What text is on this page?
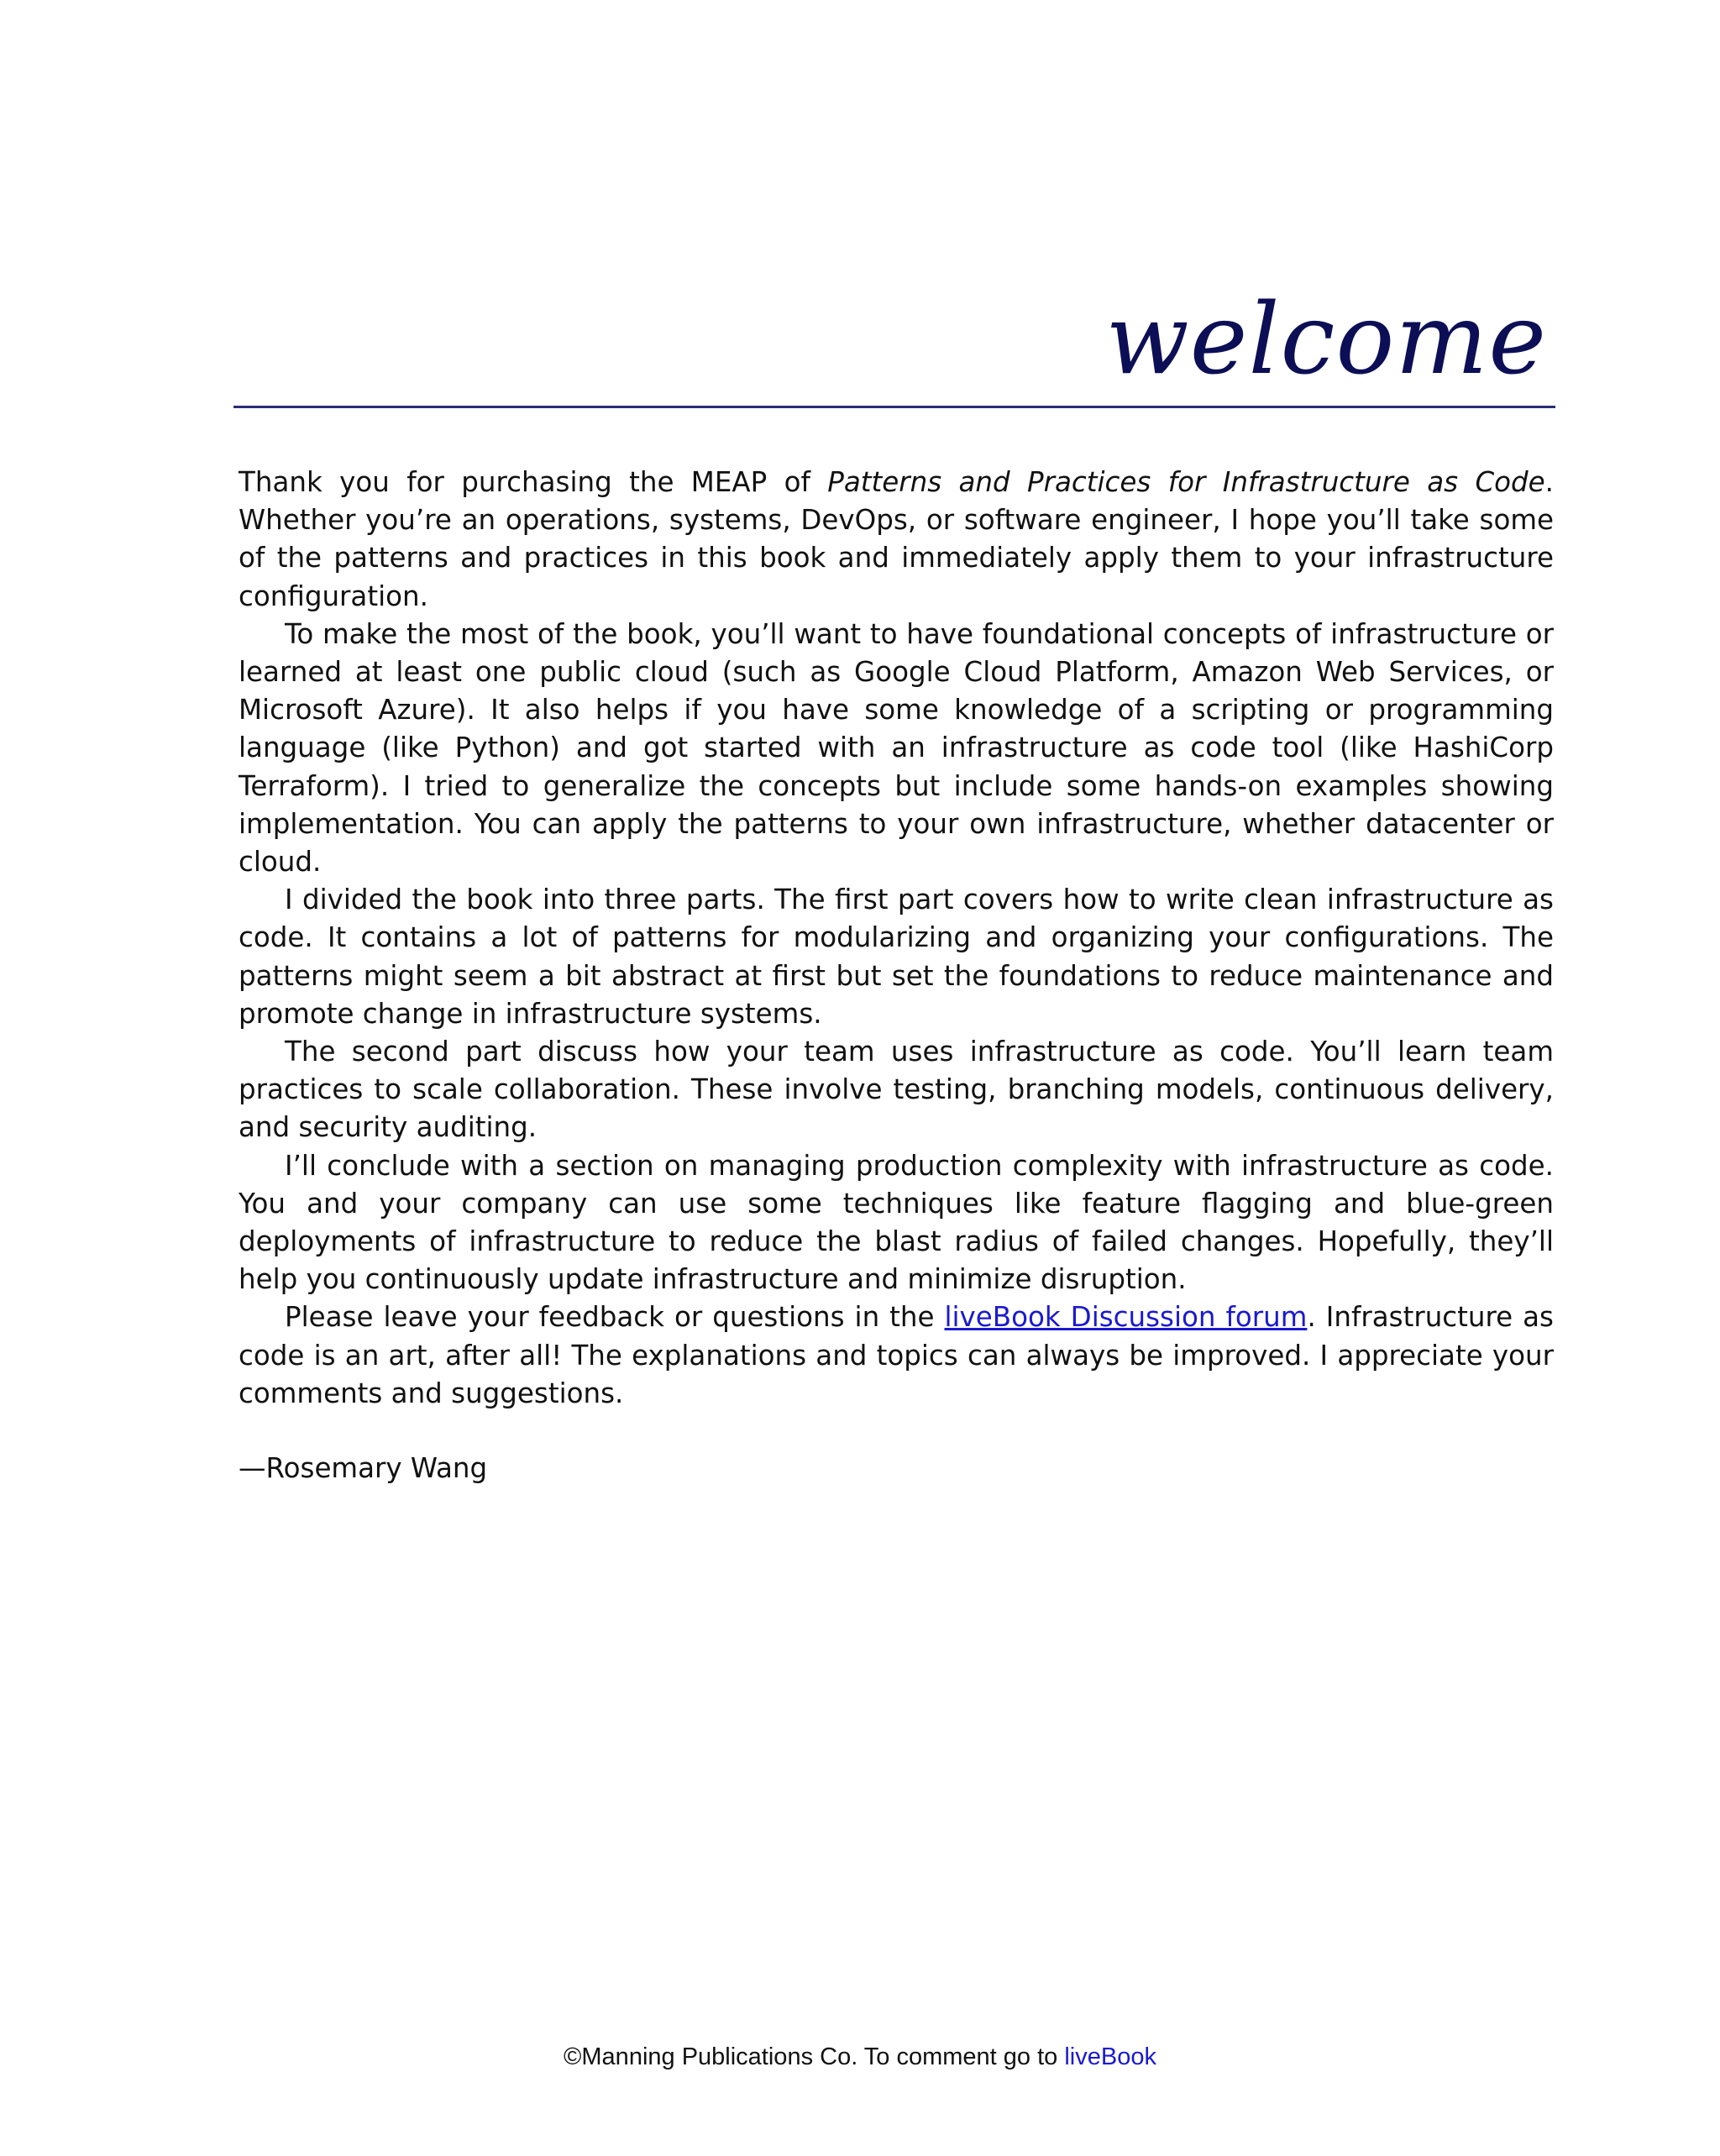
welcome

Thank you for purchasing the MEAP of Patterns and Practices for Infrastructure as Code. Whether you’re an operations, systems, DevOps, or software engineer, I hope you’ll take some of the patterns and practices in this book and immediately apply them to your infrastructure configuration.

To make the most of the book, you’ll want to have foundational concepts of infrastructure or learned at least one public cloud (such as Google Cloud Platform, Amazon Web Services, or Microsoft Azure). It also helps if you have some knowledge of a scripting or programming language (like Python) and got started with an infrastructure as code tool (like HashiCorp Terraform). I tried to generalize the concepts but include some hands-on examples showing implementation. You can apply the patterns to your own infrastructure, whether datacenter or cloud.

I divided the book into three parts. The first part covers how to write clean infrastructure as code. It contains a lot of patterns for modularizing and organizing your configurations. The patterns might seem a bit abstract at first but set the foundations to reduce maintenance and promote change in infrastructure systems.

The second part discuss how your team uses infrastructure as code. You’ll learn team practices to scale collaboration. These involve testing, branching models, continuous delivery, and security auditing.

I’ll conclude with a section on managing production complexity with infrastructure as code. You and your company can use some techniques like feature flagging and blue-green deployments of infrastructure to reduce the blast radius of failed changes. Hopefully, they’ll help you continuously update infrastructure and minimize disruption.

Please leave your feedback or questions in the liveBook Discussion forum. Infrastructure as code is an art, after all! The explanations and topics can always be improved. I appreciate your comments and suggestions.

—Rosemary Wang
©Manning Publications Co. To comment go to liveBook
